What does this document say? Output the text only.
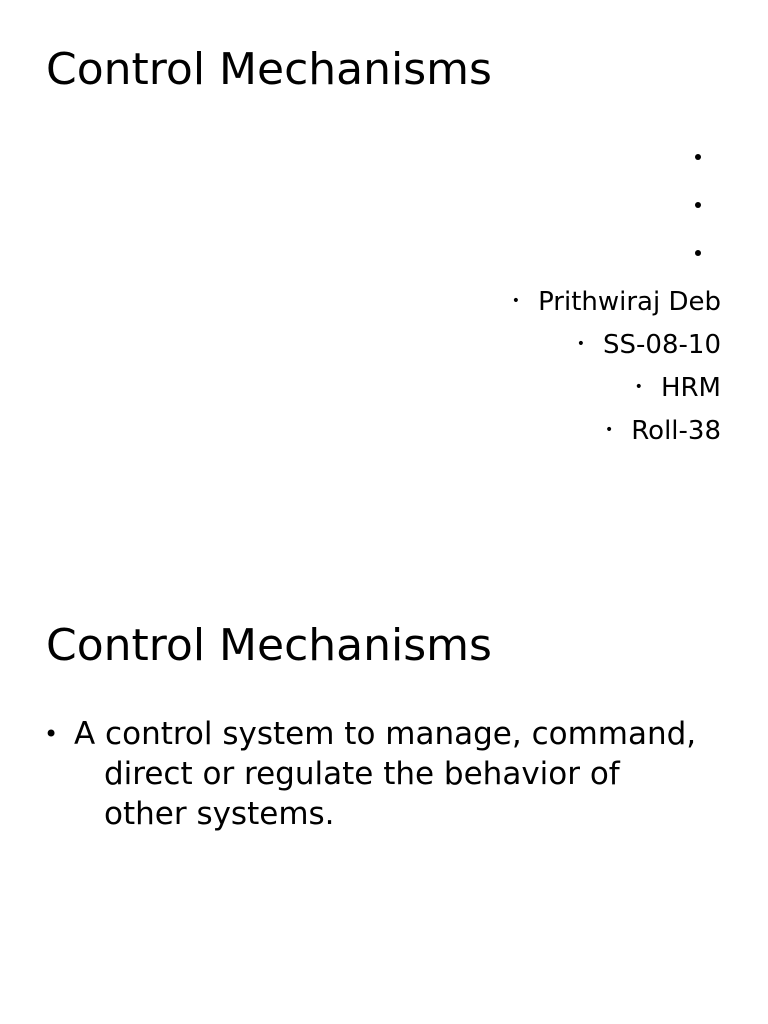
Control Mechanisms
• Prithwiraj Deb
• SS-08-10
• HRM
• Roll-38
Control Mechanisms
• A control system to manage, command, direct or regulate the behavior of other systems.
